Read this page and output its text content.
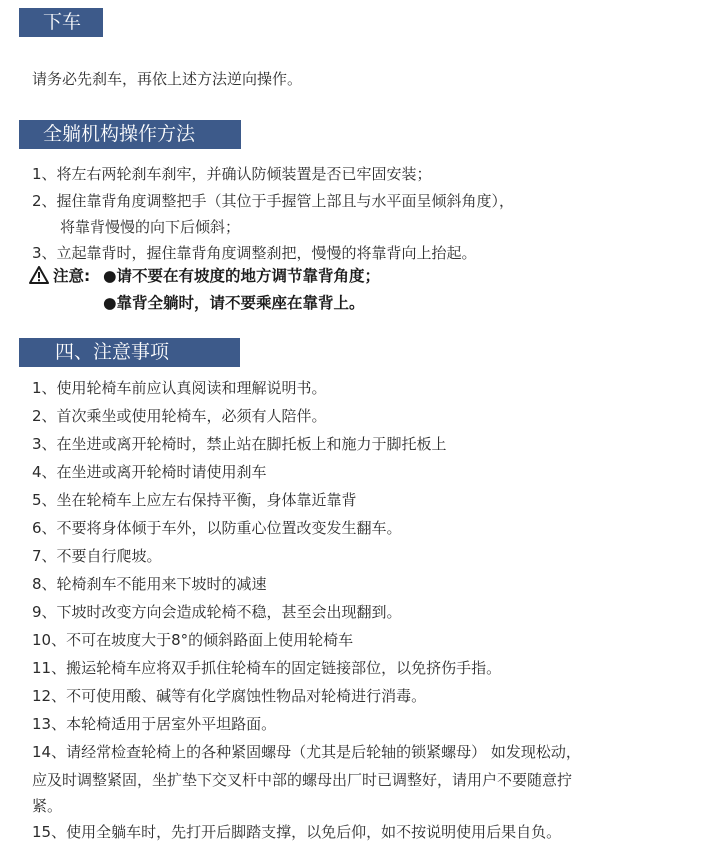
下车
请务必先刹车，再依上述方法逆向操作。
全躺机构操作方法
1、将左右两轮刹车刹牢，并确认防倾装置是否已牢固安装；
2、握住靠背角度调整把手（其位于手握管上部且与水平面呈倾斜角度），
将靠背慢慢的向下后倾斜；
3、立起靠背时，握住靠背角度调整刹把，慢慢的将靠背向上抬起。
注意: ●请不要在有坡度的地方调节靠背角度；
●靠背全躺时，请不要乘座在靠背上。
四、注意事项
1、使用轮椅车前应认真阅读和理解说明书。
2、首次乘坐或使用轮椅车，必须有人陪伴。
3、在坐进或离开轮椅时，禁止站在脚托板上和施力于脚托板上
4、在坐进或离开轮椅时请使用刹车
5、坐在轮椅车上应左右保持平衡，身体靠近靠背
6、不要将身体倾于车外，以防重心位置改变发生翻车。
7、不要自行爬坡。
8、轮椅刹车不能用来下坡时的减速
9、下坡时改变方向会造成轮椅不稳，甚至会出现翻到。
10、不可在坡度大于8°的倾斜路面上使用轮椅车
11、搬运轮椅车应将双手抓住轮椅车的固定链接部位，以免挤伤手指。
12、不可使用酸、碱等有化学腐蚀性物品对轮椅进行消毒。
13、本轮椅适用于居室外平坦路面。
14、请经常检查轮椅上的各种紧固螺母（尤其是后轮轴的锁紧螺母） 如发现松动，
应及时调整紧固，坐扩垫下交叉杆中部的螺母出厂时已调整好，请用户不要随意拧
紧。
15、使用全躺车时，先打开后脚踏支撑，以免后仰，如不按说明使用后果自负。
